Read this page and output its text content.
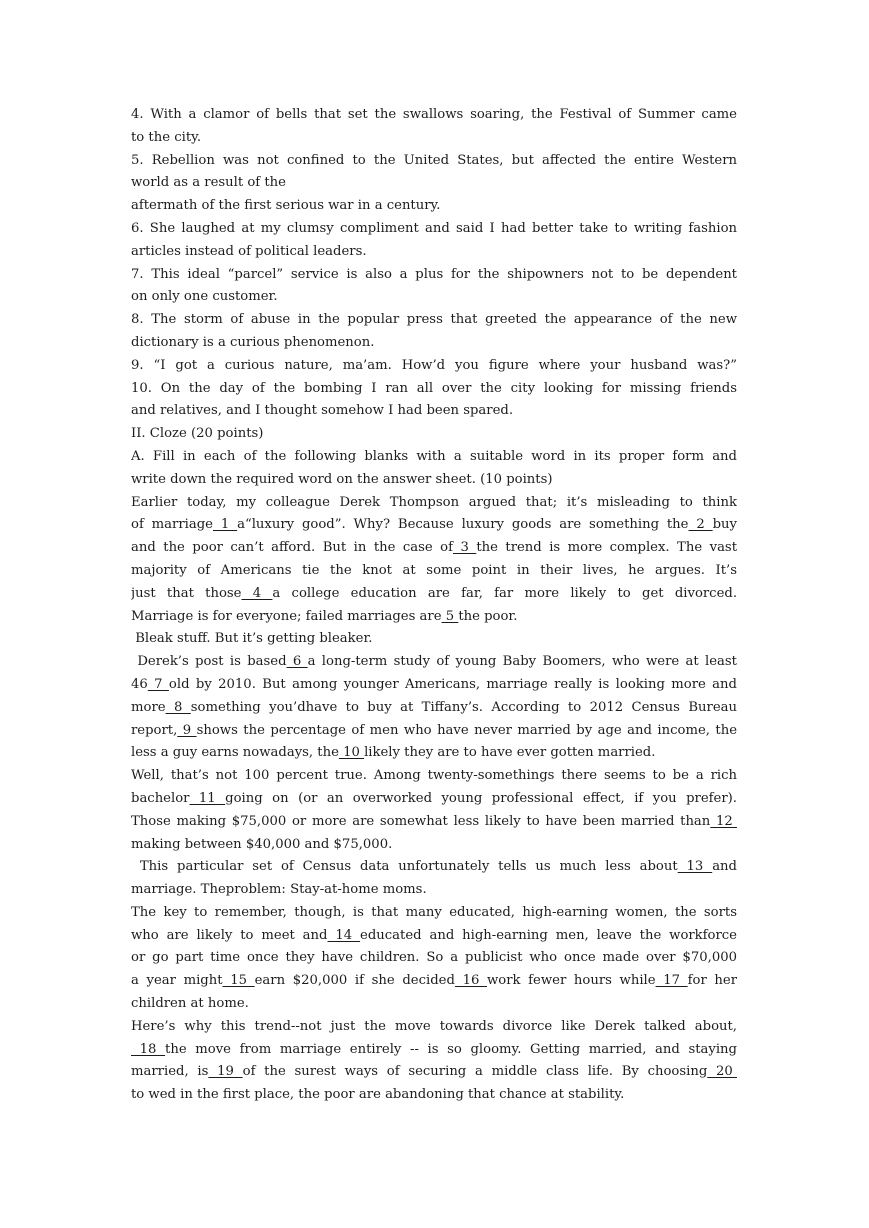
4. With a clamor of bells that set the swallows soaring, the Festival of Summer came
to the city.
5. Rebellion was not confined to the United States, but affected the entire Western
world as a result of the
aftermath of the first serious war in a century.
6. She laughed at my clumsy compliment and said I had better take to writing fashion
articles instead of political leaders.
7. This ideal “parcel” service is also a plus for the shipowners not to be dependent
on only one customer.
8. The storm of abuse in the popular press that greeted the appearance of the new
dictionary is a curious phenomenon.
9. “I got a curious nature, ma’am. How’d you figure where your husband was?”
10. On the day of the bombing I ran all over the city looking for missing friends
and relatives, and I thought somehow I had been spared.
II. Cloze (20 points)
A. Fill in each of the following blanks with a suitable word in its proper form and
write down the required word on the answer sheet. (10 points)
Earlier today, my colleague Derek Thompson argued that; it’s misleading to think
of marriage 1 a“luxury good”. Why? Because luxury goods are something the 2 buy
and the poor can’t afford. But in the case of 3 the trend is more complex. The vast
majority of Americans tie the knot at some point in their lives, he argues. It’s
just that those 4 a college education are far, far more likely to get divorced.
Marriage is for everyone; failed marriages are 5 the poor.
Bleak stuff. But it’s getting bleaker.
Derek’s post is based 6 a long-term study of young Baby Boomers, who were at least
46 7 old by 2010. But among younger Americans, marriage really is looking more and
more 8 something you’dhave to buy at Tiffany’s. According to 2012 Census Bureau
report, 9 shows the percentage of men who have never married by age and income, the
less a guy earns nowadays, the 10 likely they are to have ever gotten married.
Well, that’s not 100 percent true. Among twenty-somethings there seems to be a rich
bachelor 11 going on (or an overworked young professional effect, if you prefer).
Those making $75,000 or more are somewhat less likely to have been married than 12
making between $40,000 and $75,000.
This particular set of Census data unfortunately tells us much less about 13 and
marriage. Theproblem: Stay-at-home moms.
The key to remember, though, is that many educated, high-earning women, the sorts
who are likely to meet and 14 educated and high-earning men, leave the workforce
or go part time once they have children. So a publicist who once made over $70,000
a year might 15 earn $20,000 if she decided 16 work fewer hours while 17 for her
children at home.
Here’s why this trend--not just the move towards divorce like Derek talked about,
18 the move from marriage entirely -- is so gloomy. Getting married, and staying
married, is 19 of the surest ways of securing a middle class life. By choosing 20
to wed in the first place, the poor are abandoning that chance at stability.
